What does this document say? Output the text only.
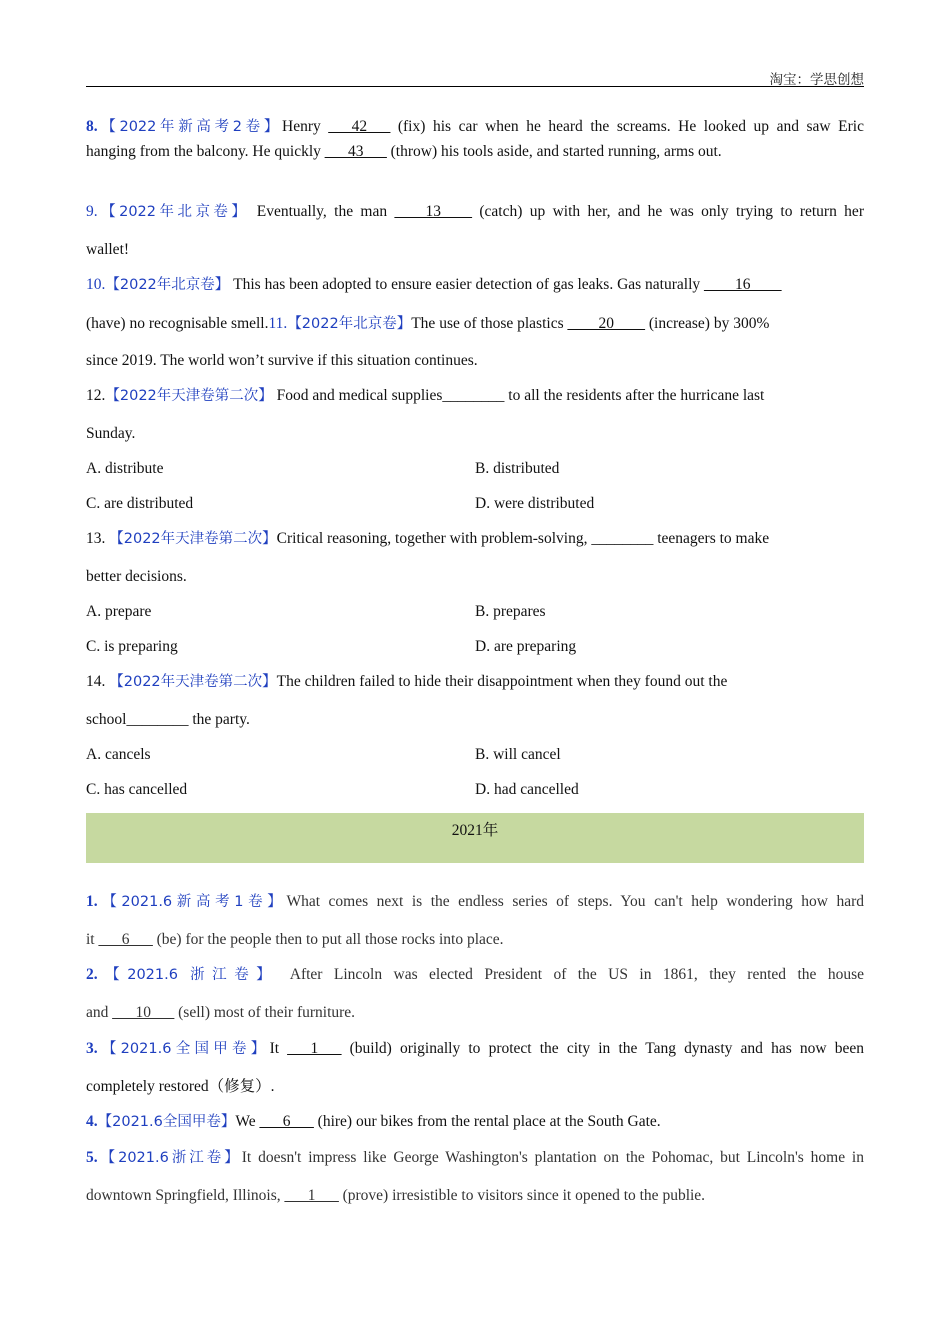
淘宝：学思创想
8.【2022年新高考2卷】Henry ___42___ (fix) his car when he heard the screams. He looked up and saw Eric
hanging from the balcony. He quickly ___43___ (throw) his tools aside, and started running, arms out.
9.【2022年北京卷】 Eventually, the man ____13____ (catch) up with her, and he was only trying to return her
wallet!
10.【2022年北京卷】 This has been adopted to ensure easier detection of gas leaks. Gas naturally ____16____
(have) no recognisable smell.11.【2022年北京卷】The use of those plastics ____20____ (increase) by 300%
since 2019. The world won’t survive if this situation continues.
12.【2022年天津卷第二次】 Food and medical supplies________ to all the residents after the hurricane last
Sunday.
A. distribute	B. distributed
C. are distributed	D. were distributed
13. 【2022年天津卷第二次】Critical reasoning, together with problem-solving, ________ teenagers to make
better decisions.
A. prepare	B. prepares
C. is preparing	D. are preparing
14. 【2022年天津卷第二次】The children failed to hide their disappointment when they found out the
school________ the party.
A. cancels	B. will cancel
C. has cancelled	D. had cancelled
2021年
1.【2021.6新高考1卷】What comes next is the endless series of steps. You can't help wondering how hard
it ___6___ (be) for the people then to put all those rocks into place.
2.【2021.6 浙江卷】 After Lincoln was elected President of the US in 1861, they rented the house
and ___10___ (sell) most of their furniture.
3.【2021.6全国甲卷】It ___1___ (build) originally to protect the city in the Tang dynasty and has now been
completely restored（修复）.
4.【2021.6全国甲卷】We ___6___ (hire) our bikes from the rental place at the South Gate.
5.【2021.6浙江卷】It doesn't impress like George Washington's plantation on the Pohomac, but Lincoln's home in
downtown Springfield, Illinois, ___1___ (prove) irresistible to visitors since it opened to the publie.
